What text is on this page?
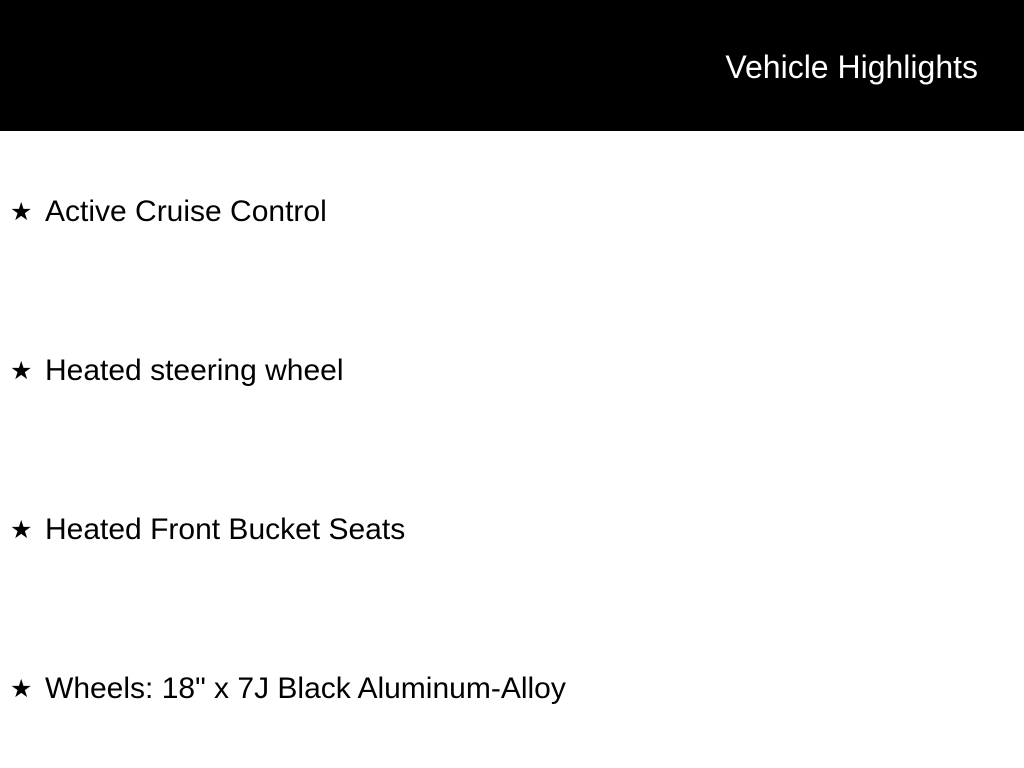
Vehicle Highlights
★ Active Cruise Control
★ Heated steering wheel
★ Heated Front Bucket Seats
★ Wheels: 18" x 7J Black Aluminum-Alloy
